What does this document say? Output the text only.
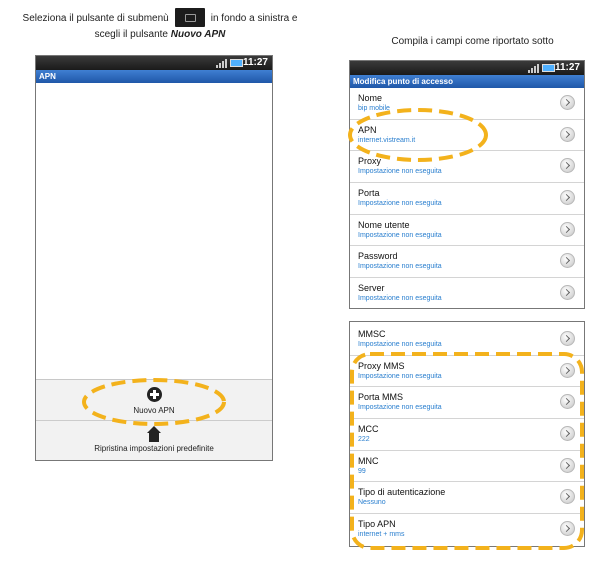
Seleziona il pulsante di submenù	in fondo a sinistra e
scegli il pulsante Nuovo APN
Compila i campi come riportato sotto
11:27
APN
Nuovo APN
Ripristina impostazioni predefinite
11:27
Modifica punto di accesso
Nome
bip mobile
APN
internet.vistream.it
Proxy
Impostazione non eseguita
Porta
Impostazione non eseguita
Nome utente
Impostazione non eseguita
Password
Impostazione non eseguita
Server
Impostazione non eseguita
MMSC
Impostazione non eseguita
Proxy MMS
Impostazione non eseguita
Porta MMS
Impostazione non eseguita
MCC
222
MNC
99
Tipo di autenticazione
Nessuno
Tipo APN
internet + mms
